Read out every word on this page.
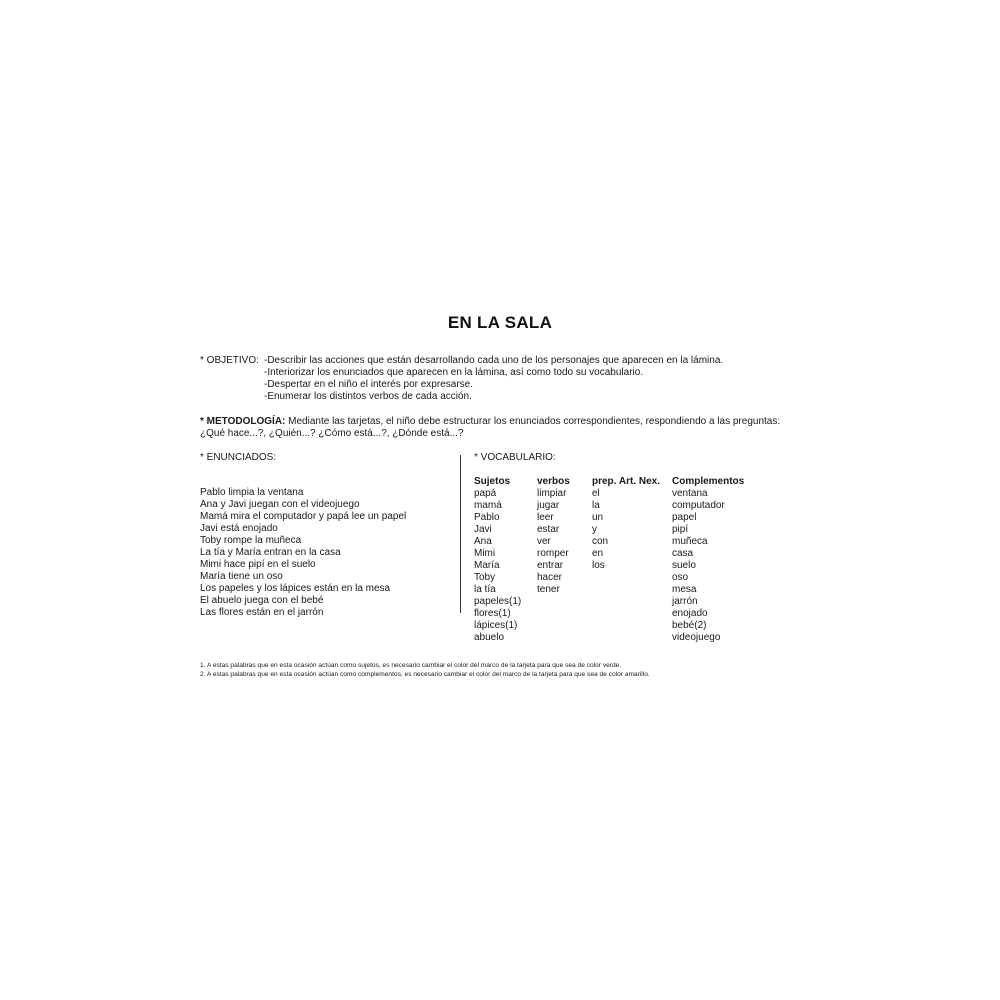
EN LA SALA
* OBJETIVO: -Describir las acciones que están desarrollando cada uno de los personajes que aparecen en la lámina.
-Interiorizar los enunciados que aparecen en la lámina, así como todo su vocabulario.
-Despertar en el niño el interés por expresarse.
-Enumerar los distintos verbos de cada acción.
* METODOLOGÍA: Mediante las tarjetas, el niño debe estructurar los enunciados correspondientes, respondiendo a las preguntas:
¿Qué hace...?, ¿Quién...? ¿Cómo está...?, ¿Dónde está...?
* ENUNCIADOS:
Pablo limpia la ventana
Ana y Javi juegan con el videojuego
Mamá mira el computador y papá lee un papel
Javi está enojado
Toby rompe la muñeca
La tía y María entran en la casa
Mimi hace pipí en el suelo
María tiene un oso
Los papeles y los lápices están en la mesa
El abuelo juega con el bebé
Las flores están en el jarrón
* VOCABULARIO:
Sujetos
papá
mamá
Pablo
Javi
Ana
Mimi
María
Toby
la tía
papeles(1)
flores(1)
lápices(1)
abuelo
verbos
limpiar
jugar
leer
estar
ver
romper
entrar
hacer
tener
prep. Art. Nex.
el
la
un
y
con
en
los
Complementos
ventana
computador
papel
pipí
muñeca
casa
suelo
oso
mesa
jarrón
enojado
bebé(2)
videojuego
1. A estas palabras que en esta ocasión actúan como sujetos, es necesario cambiar el color del marco de la tarjeta para que sea de color verde.
2. A estas palabras que en esta ocasión actúan como complementos, es necesario cambiar el color del marco de la tarjeta para que sea de color amarillo.
